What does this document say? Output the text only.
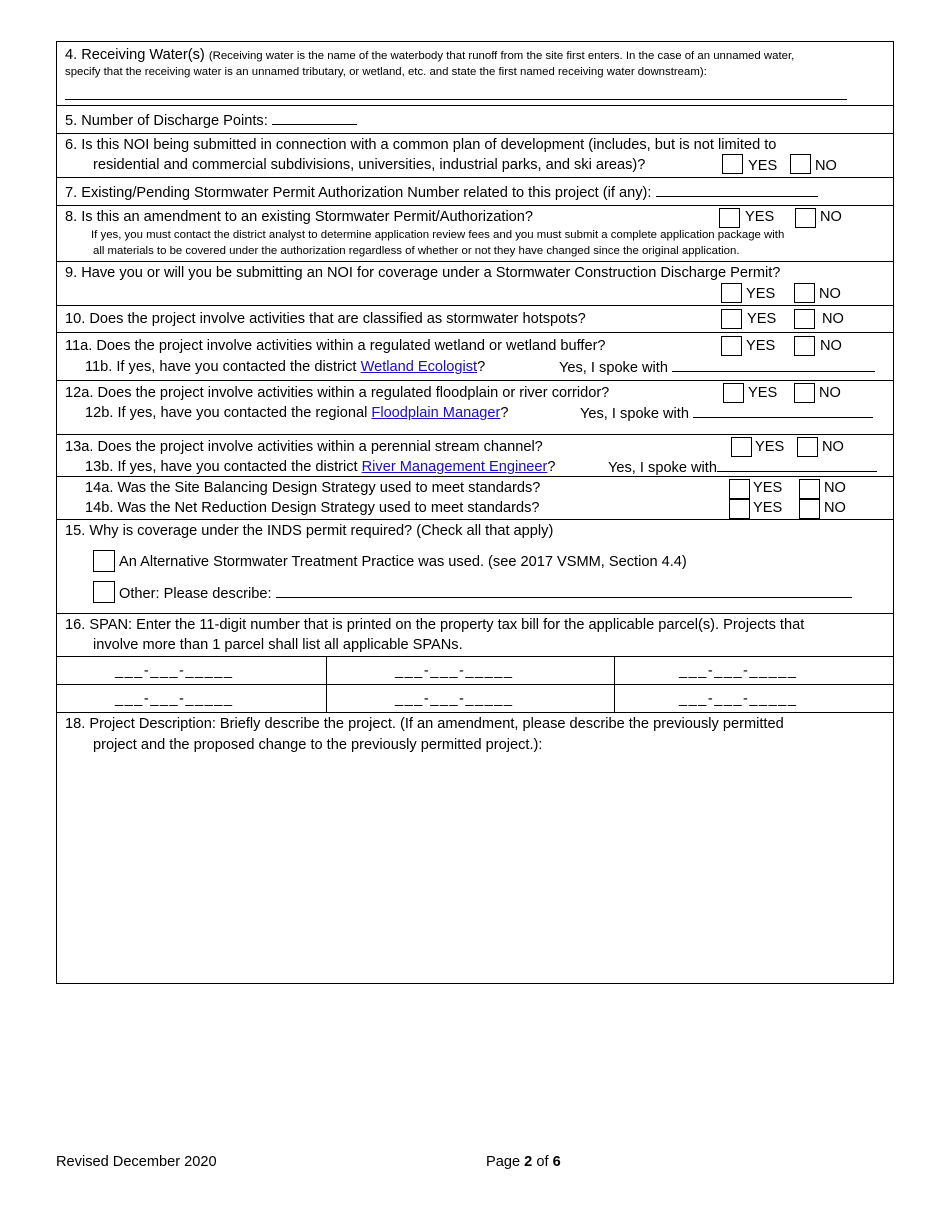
4. Receiving Water(s) (Receiving water is the name of the waterbody that runoff from the site first enters. In the case of an unnamed water,
specify that the receiving water is an unnamed tributary, or wetland, etc. and state the first named receiving water downstream):
5. Number of Discharge Points:
6. Is this NOI being submitted in connection with a common plan of development (includes, but is not limited to
residential and commercial subdivisions, universities, industrial parks, and ski areas)?	YES	NO
7. Existing/Pending Stormwater Permit Authorization Number related to this project (if any):
8. Is this an amendment to an existing Stormwater Permit/Authorization?	YES	NO
If yes, you must contact the district analyst to determine application review fees and you must submit a complete application package with
all materials to be covered under the authorization regardless of whether or not they have changed since the original application.
9. Have you or will you be submitting an NOI for coverage under a Stormwater Construction Discharge Permit?
YES	NO
10. Does the project involve activities that are classified as stormwater hotspots?	YES	NO
11a. Does the project involve activities within a regulated wetland or wetland buffer?	YES	NO
11b. If yes, have you contacted the district Wetland Ecologist?	Yes, I spoke with
12a. Does the project involve activities within a regulated floodplain or river corridor?	YES	NO
12b. If yes, have you contacted the regional Floodplain Manager?	Yes, I spoke with
13a. Does the project involve activities within a perennial stream channel?	YES	NO
13b. If yes, have you contacted the district River Management Engineer?	Yes, I spoke with
14a. Was the Site Balancing Design Strategy used to meet standards?	YES	NO
14b. Was the Net Reduction Design Strategy used to meet standards?	YES	NO
15. Why is coverage under the INDS permit required? (Check all that apply)
An Alternative Stormwater Treatment Practice was used. (see 2017 VSMM, Section 4.4)
Other: Please describe:
16. SPAN: Enter the 11-digit number that is printed on the property tax bill for the applicable parcel(s). Projects that
involve more than 1 parcel shall list all applicable SPANs.
___-___-_____	___-___-_____	___-___-_____
___-___-_____	___-___-_____	___-___-_____
18. Project Description: Briefly describe the project. (If an amendment, please describe the previously permitted
project and the proposed change to the previously permitted project.):
Revised December 2020	Page 2 of 6
